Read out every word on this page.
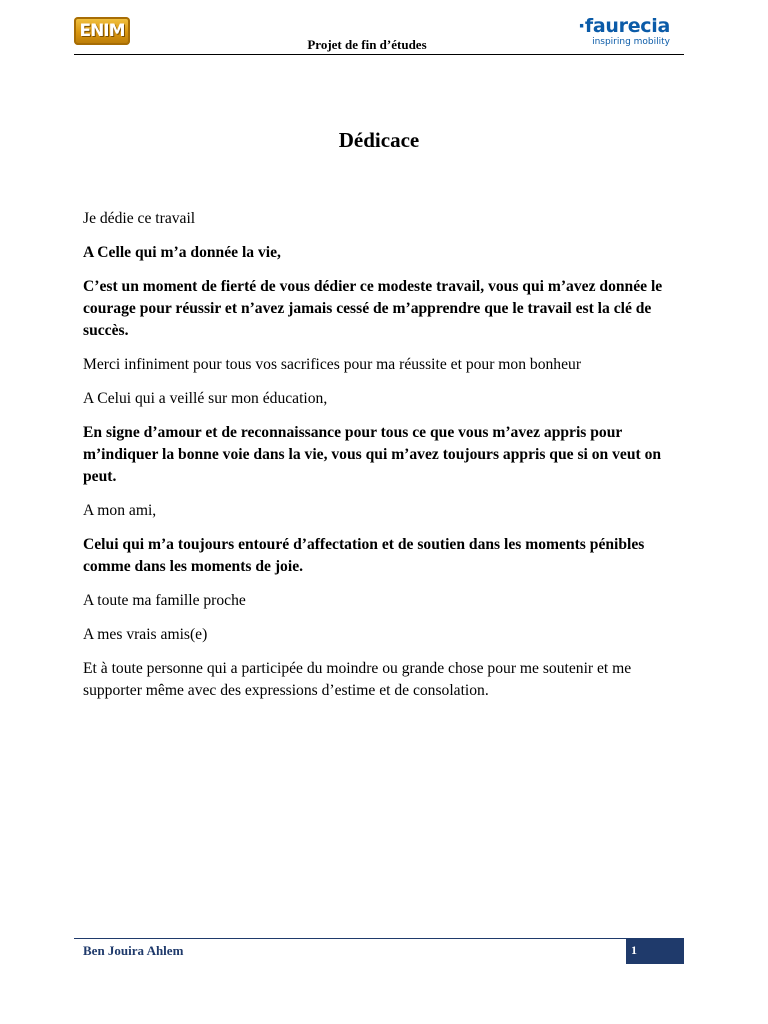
ENIM	·faurecia
inspiring mobility
Projet de fin d’études
Dédicace

Je dédie ce travail

A Celle qui m’a donnée la vie,

C’est un moment de fierté de vous dédier ce modeste travail, vous qui m’avez donnée le courage pour réussir et n’avez jamais cessé de m’apprendre que le travail est la clé de succès.

Merci infiniment pour tous vos sacrifices pour ma réussite et pour mon bonheur

A Celui qui a veillé sur mon éducation,

En signe d’amour et de reconnaissance pour tous ce que vous m’avez appris pour m’indiquer la bonne voie dans la vie, vous qui m’avez toujours appris que si on veut on peut.

A mon ami,

Celui qui m’a toujours entouré d’affectation et de soutien dans les moments pénibles comme dans les moments de joie.

A toute ma famille proche

A mes vrais amis(e)

Et à toute personne qui a participée du moindre ou grande chose pour me soutenir et me supporter même avec des expressions d’estime et de consolation.

Ben Jouira Ahlem	1
